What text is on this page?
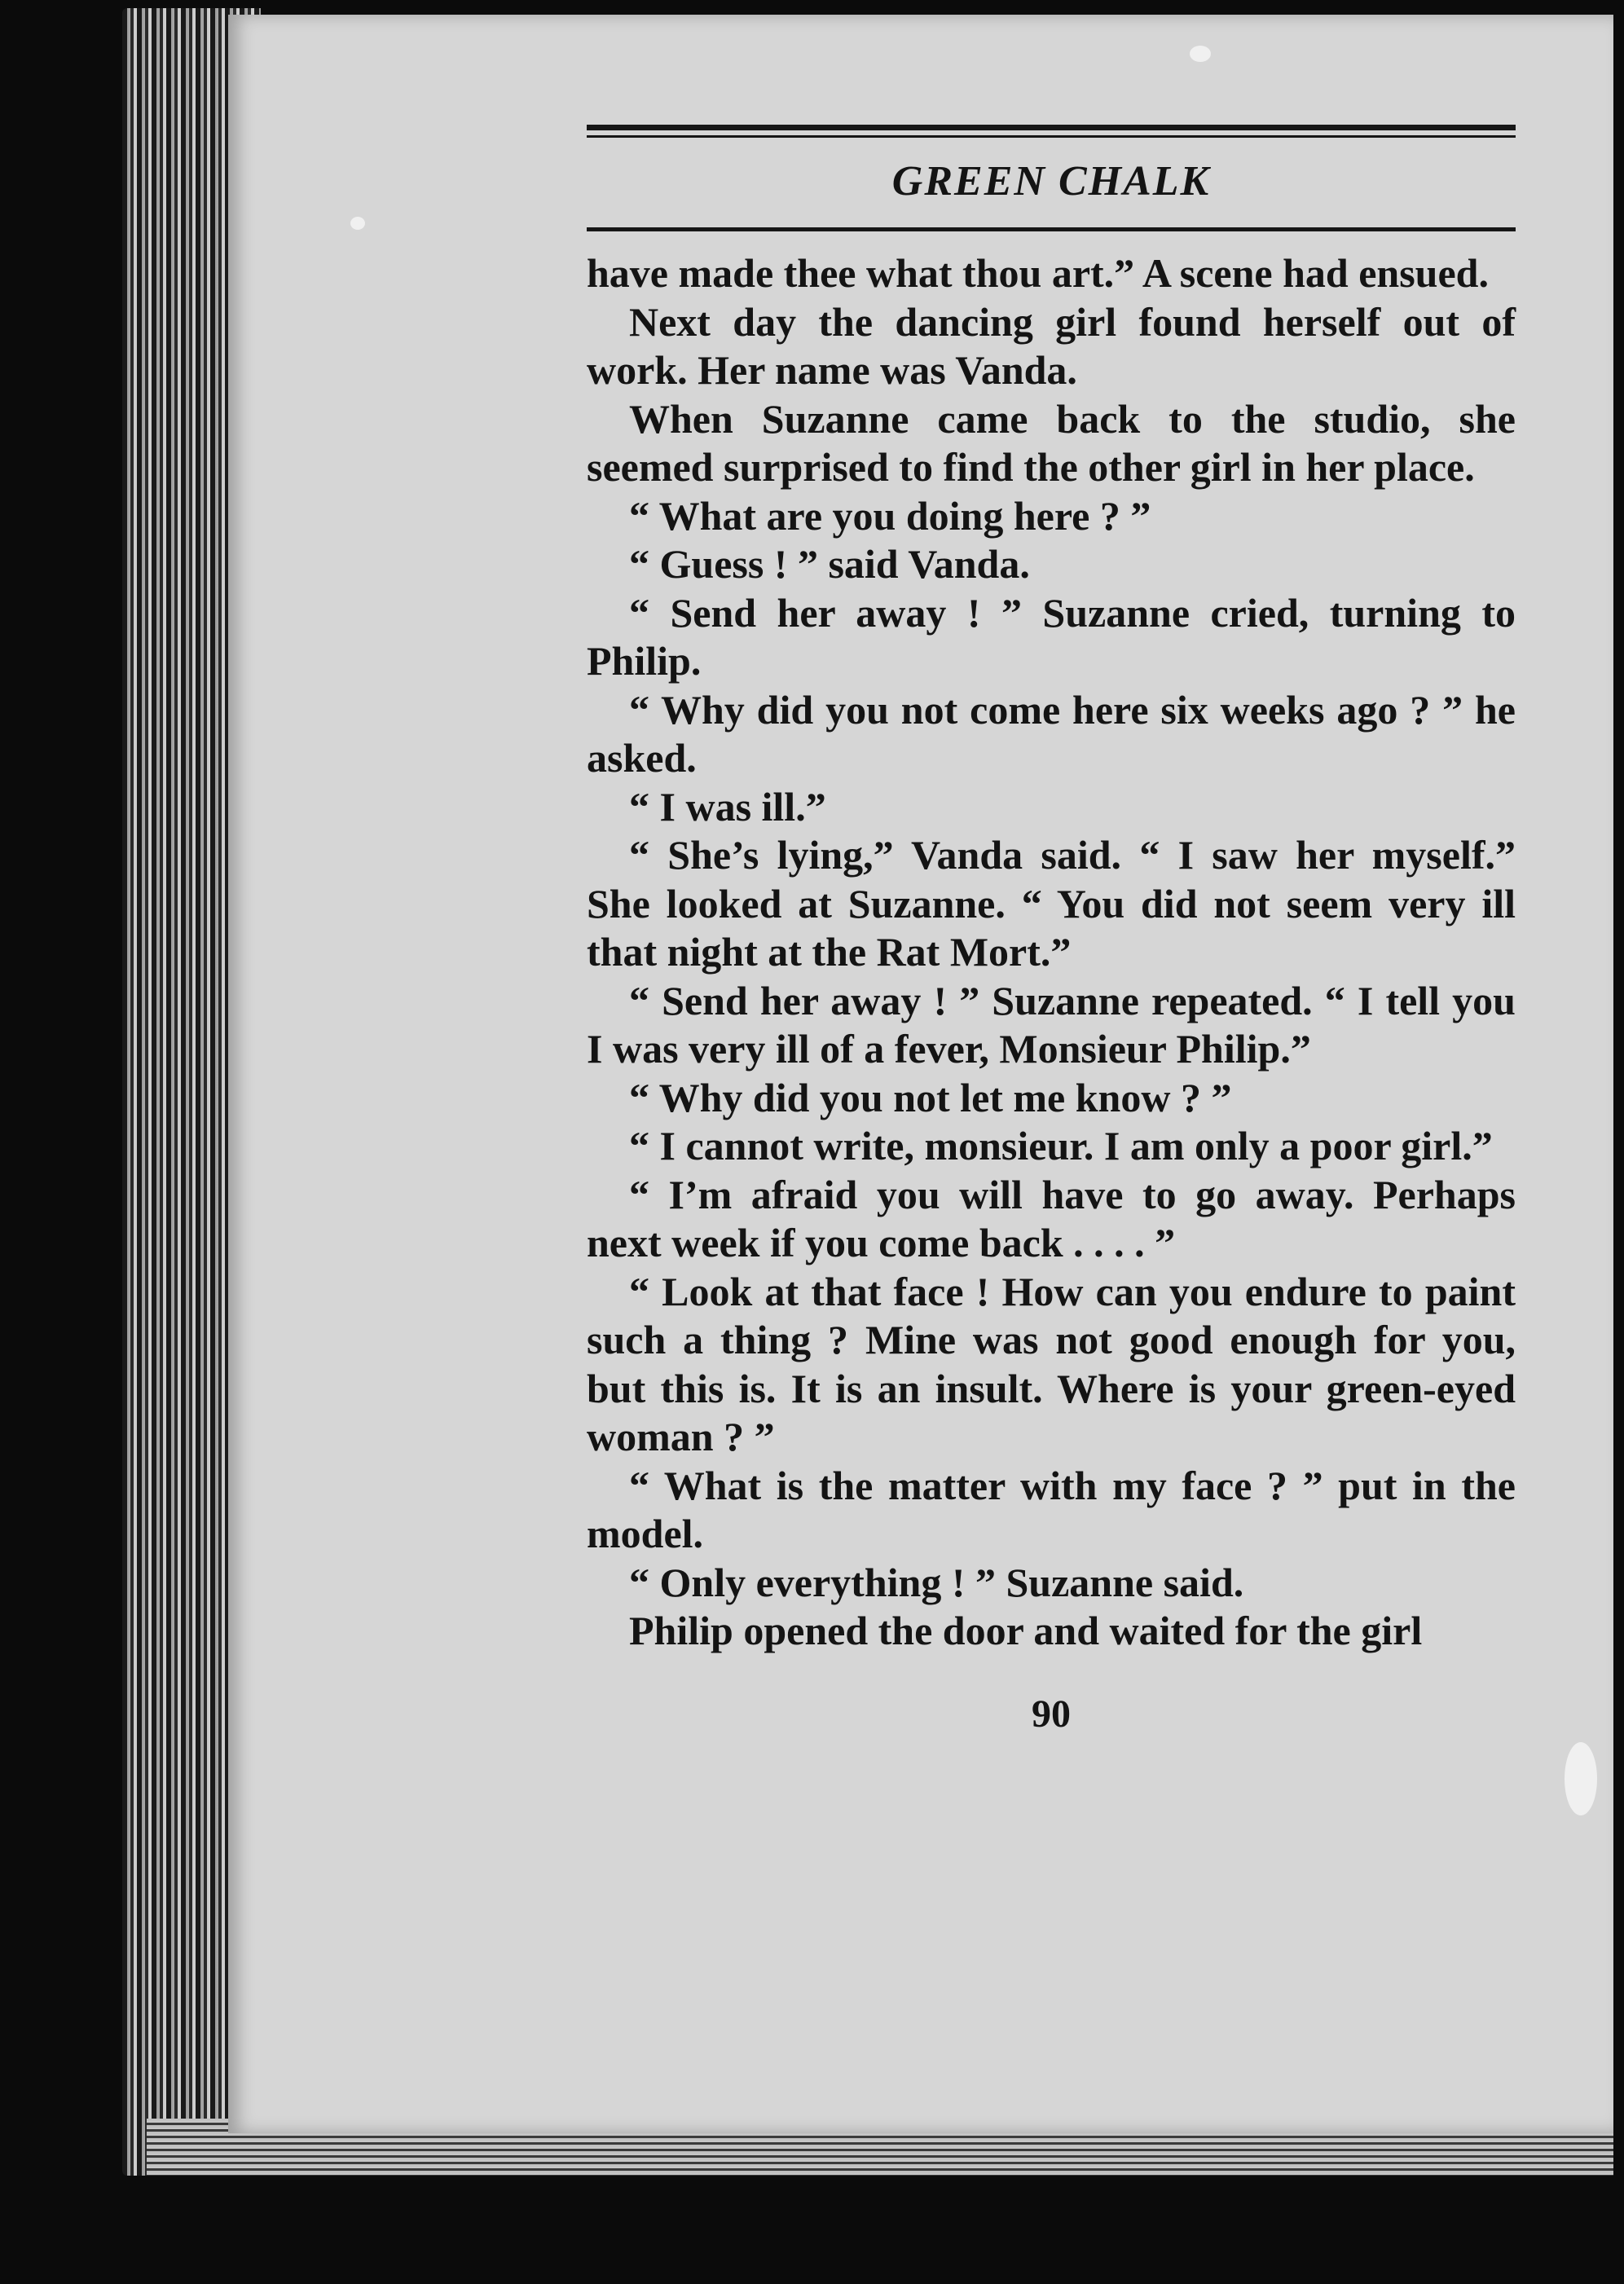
GREEN CHALK

have made thee what thou art.” A scene had ensued.

Next day the dancing girl found herself out of work. Her name was Vanda.

When Suzanne came back to the studio, she seemed surprised to find the other girl in her place.

“ What are you doing here ? ”

“ Guess ! ” said Vanda.

“ Send her away ! ” Suzanne cried, turning to Philip.

“ Why did you not come here six weeks ago ? ” he asked.

“ I was ill.”

“ She’s lying,” Vanda said. “ I saw her myself.” She looked at Suzanne. “ You did not seem very ill that night at the Rat Mort.”

“ Send her away ! ” Suzanne repeated. “ I tell you I was very ill of a fever, Monsieur Philip.”

“ Why did you not let me know ? ”

“ I cannot write, monsieur. I am only a poor girl.”

“ I’m afraid you will have to go away. Perhaps next week if you come back . . . . ”

“ Look at that face ! How can you endure to paint such a thing ? Mine was not good enough for you, but this is. It is an insult. Where is your green-eyed woman ? ”

“ What is the matter with my face ? ” put in the model.

“ Only everything ! ” Suzanne said.

Philip opened the door and waited for the girl

90
